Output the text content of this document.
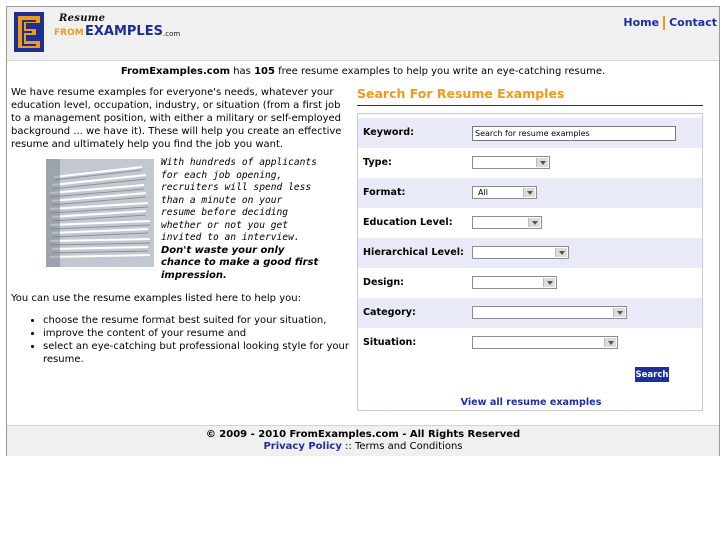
Resume
FROM EXAMPLES .com
Home Contact
FromExamples.com has 105 free resume examples to help you write an eye-catching resume.

We have resume examples for everyone's needs, whatever your education level, occupation, industry, or situation (from a first job to a management position, with either a military or self-employed background ... we have it). These will help you create an effective resume and ultimately help you find the job you want.

With hundreds of applicants for each job opening, recruiters will spend less than a minute on your resume before deciding whether or not you get invited to an interview. Don't waste your only chance to make a good first impression.

You can use the resume examples listed here to help you:

• choose the resume format best suited for your situation,
• improve the content of your resume and
• select an eye-catching but professional looking style for your resume.
Search For Resume Examples
Keyword:
Search for resume examples
Type:
Format:	All
Education Level:
Hierarchical Level:
Design:
Category:
Situation:
Search
View all resume examples
© 2009 - 2010 FromExamples.com - All Rights Reserved
Privacy Policy :: Terms and Conditions
